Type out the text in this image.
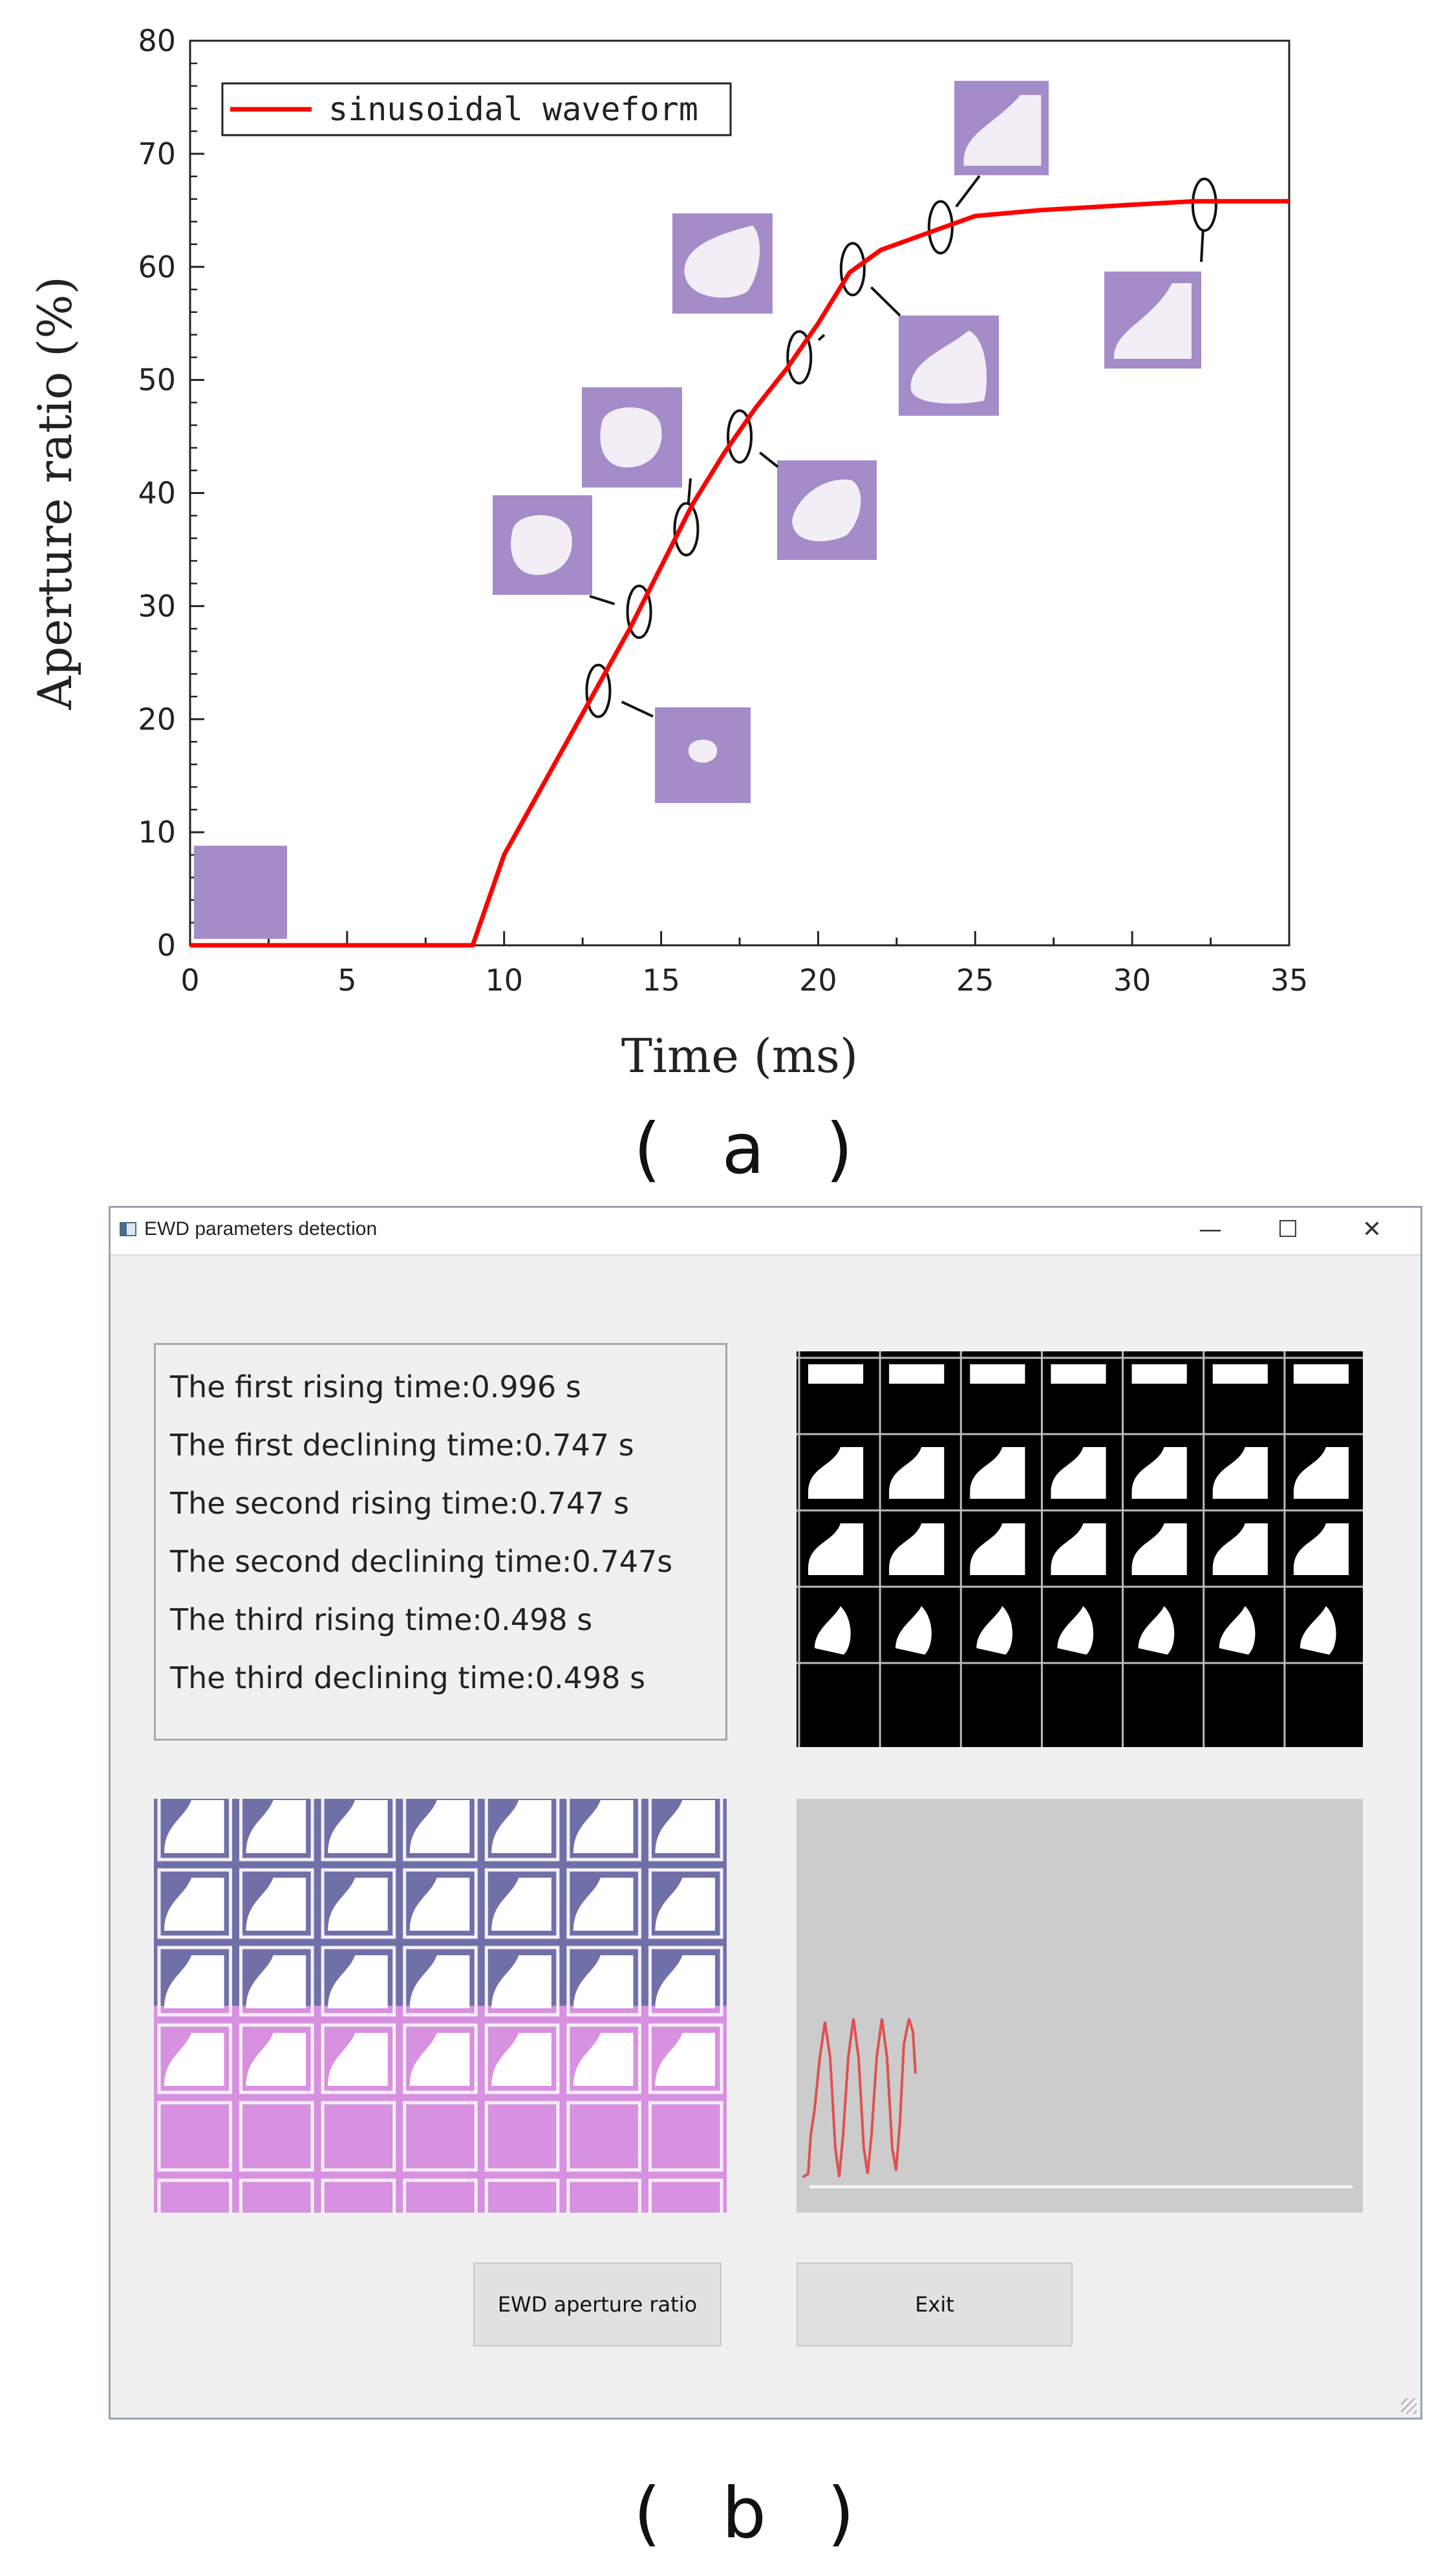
0	5	10	15	20	25	30	35
0
10
20
30
40
50
60
70
80
Time (ms)
Aperture ratio (%)
sinusoidal waveform
( a )
EWD parameters detection	—	☐	✕
The first rising time:0.996 s
The first declining time:0.747 s
The second rising time:0.747 s
The second declining time:0.747s
The third rising time:0.498 s
The third declining time:0.498 s
EWD aperture ratio	Exit
( b )
